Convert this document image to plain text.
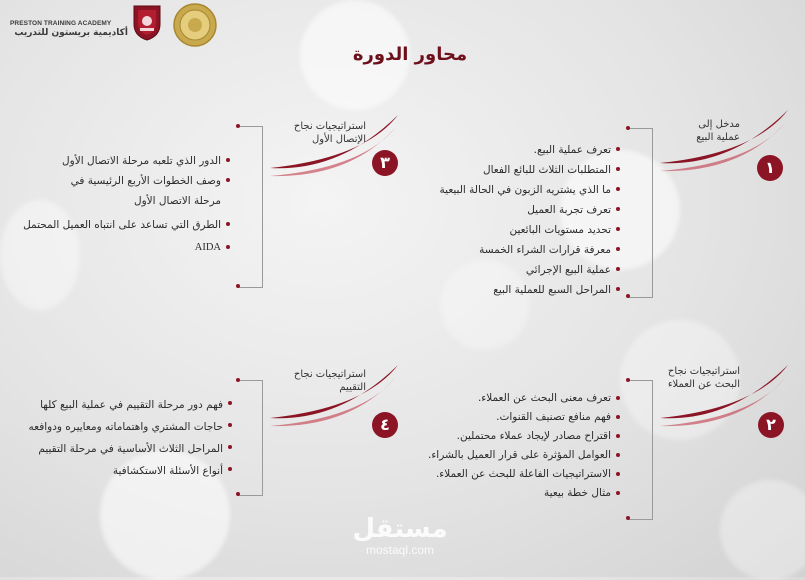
PRESTON TRAINING ACADEMY
أكاديمية بريستون للتدريب
محاور الدورة
مدخل إلى
عملية البيع
١
تعرف عملية البيع.
المتطلبات الثلاث للبائع الفعال
ما الذي يشتريه الزبون في الحالة البيعية
تعرف تجربة العميل
تحديد مستويات البائعين
معرفة قرارات الشراء الخمسة
عملية البيع الإجرائي
المراحل السبع للعملية البيع
استراتيجيات نجاح
الإتصال الأول
٣
الدور الذي تلعبه مرحلة الاتصال الأول
وصف الخطوات الأربع الرئيسية في
مرحلة الاتصال الأول
الطرق التي تساعد على انتباه العميل المحتمل
AIDA
استراتيجيات نجاح
البحث عن العملاء
٢
تعرف معنى البحث عن العملاء.
فهم منافع تصنيف القنوات.
اقتراح مصادر لإيجاد عملاء محتملين.
العوامل المؤثرة على قرار العميل بالشراء.
الاستراتيجيات الفاعلة للبحث عن العملاء.
مثال خطة بيعية
استراتيجيات نجاح
التقييم
٤
فهم دور مرحلة التقييم في عملية البيع كلها
حاجات المشتري واهتماماته ومعاييره ودوافعه
المراحل الثلاث الأساسية في مرحلة التقييم
أنواع الأسئلة الاستكشافية
مستقل
mostaql.com
